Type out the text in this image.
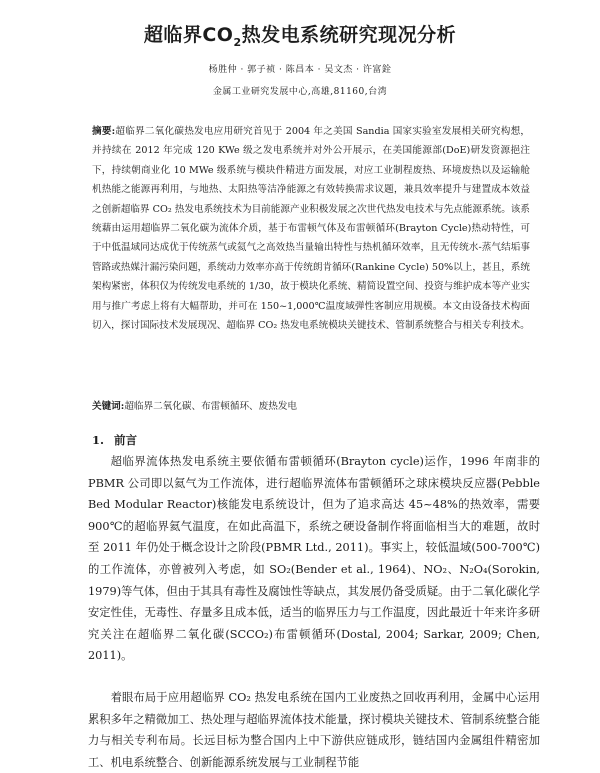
超临界$CO_2$热发电系统研究现况分析
杨胜仲 · 郭子祯 · 陈昌本 · 吴文杰 · 许富銓
金属工业研究发展中心,高雄,81160,台湾

摘要:超临界二氧化碳热发电应用研究首见于 2004 年之美国 Sandia 国家实验室发展相关研究构想，并持续在 2012 年完成 120 KWe 级之发电系统并对外公开展示，在美国能源部(DoE)研发资源挹注下，持续朝商业化 10 MWe 级系统与模块件精进方面发展，对应工业制程废热、环境废热以及运输舱机热能之能源再利用，与地热、太阳热等洁净能源之有效转换需求议题，兼具效率提升与建置成本效益之创新超临界 CO₂ 热发电系统技术为目前能源产业积极发展之次世代热发电技术与先点能源系统。该系统藉由运用超临界二氧化碳为流体介质，基于布雷顿气体及布雷顿循环(Brayton Cycle)热动特性，可于中低温域同达成优于传统蒸气或氦气之高效热当量输出特性与热机循环效率，且无传统水-蒸气结垢事管路或热媒汁漏污染问题，系统动力效率亦高于传统朗肯循环(Rankine Cycle) 50%以上，甚且，系统架构紧密，体积仅为传统发电系统的 1/30，故于模块化系统、精简设置空间、投资与维护成本等产业实用与推广考虑上将有大幅帮助，并可在 150~1,000℃温度域弹性客制应用规模。本文由设备技术构面切入，探讨国际技术发展现况、超临界 CO₂ 热发电系统模块关键技术、管制系统整合与相关专利技术。

关键词:超临界二氧化碳、布雷顿循环、废热发电

1. 前言

超临界流体热发电系统主要依循布雷顿循环(Brayton cycle)运作，1996 年南非的 PBMR 公司即以氦气为工作流体，进行超临界流体布雷顿循环之球床模块反应器(Pebble Bed Modular Reactor)核能发电系统设计，但为了追求高达 45~48%的热效率，需要 900℃的超临界氦气温度，在如此高温下，系统之硬设备制作将面临相当大的难题，故时至 2011 年仍处于概念设计之阶段(PBMR Ltd., 2011)。事实上，较低温域(500-700℃)的工作流体，亦曾被列入考虑，如 SO₂(Bender et al., 1964)、NO₂、N₂O₄(Sorokin, 1979)等气体，但由于其具有毒性及腐蚀性等缺点，其发展仍备受质疑。由于二氧化碳化学安定性佳，无毒性、存量多且成本低，适当的临界压力与工作温度，因此最近十年来许多研究关注在超临界二氧化碳(SCCO₂)布雷顿循环(Dostal, 2004; Sarkar, 2009; Chen, 2011)。

着眼布局于应用超临界 CO₂ 热发电系统在国内工业废热之回收再利用，金属中心运用累积多年之精微加工、热处理与超临界流体技术能量，探讨模块关键技术、管制系统整合能力与相关专利布局。长远目标为整合国内上中下游供应链成形，链结国内金属组件精密加工、机电系统整合、创新能源系统发展与工业制程节能
